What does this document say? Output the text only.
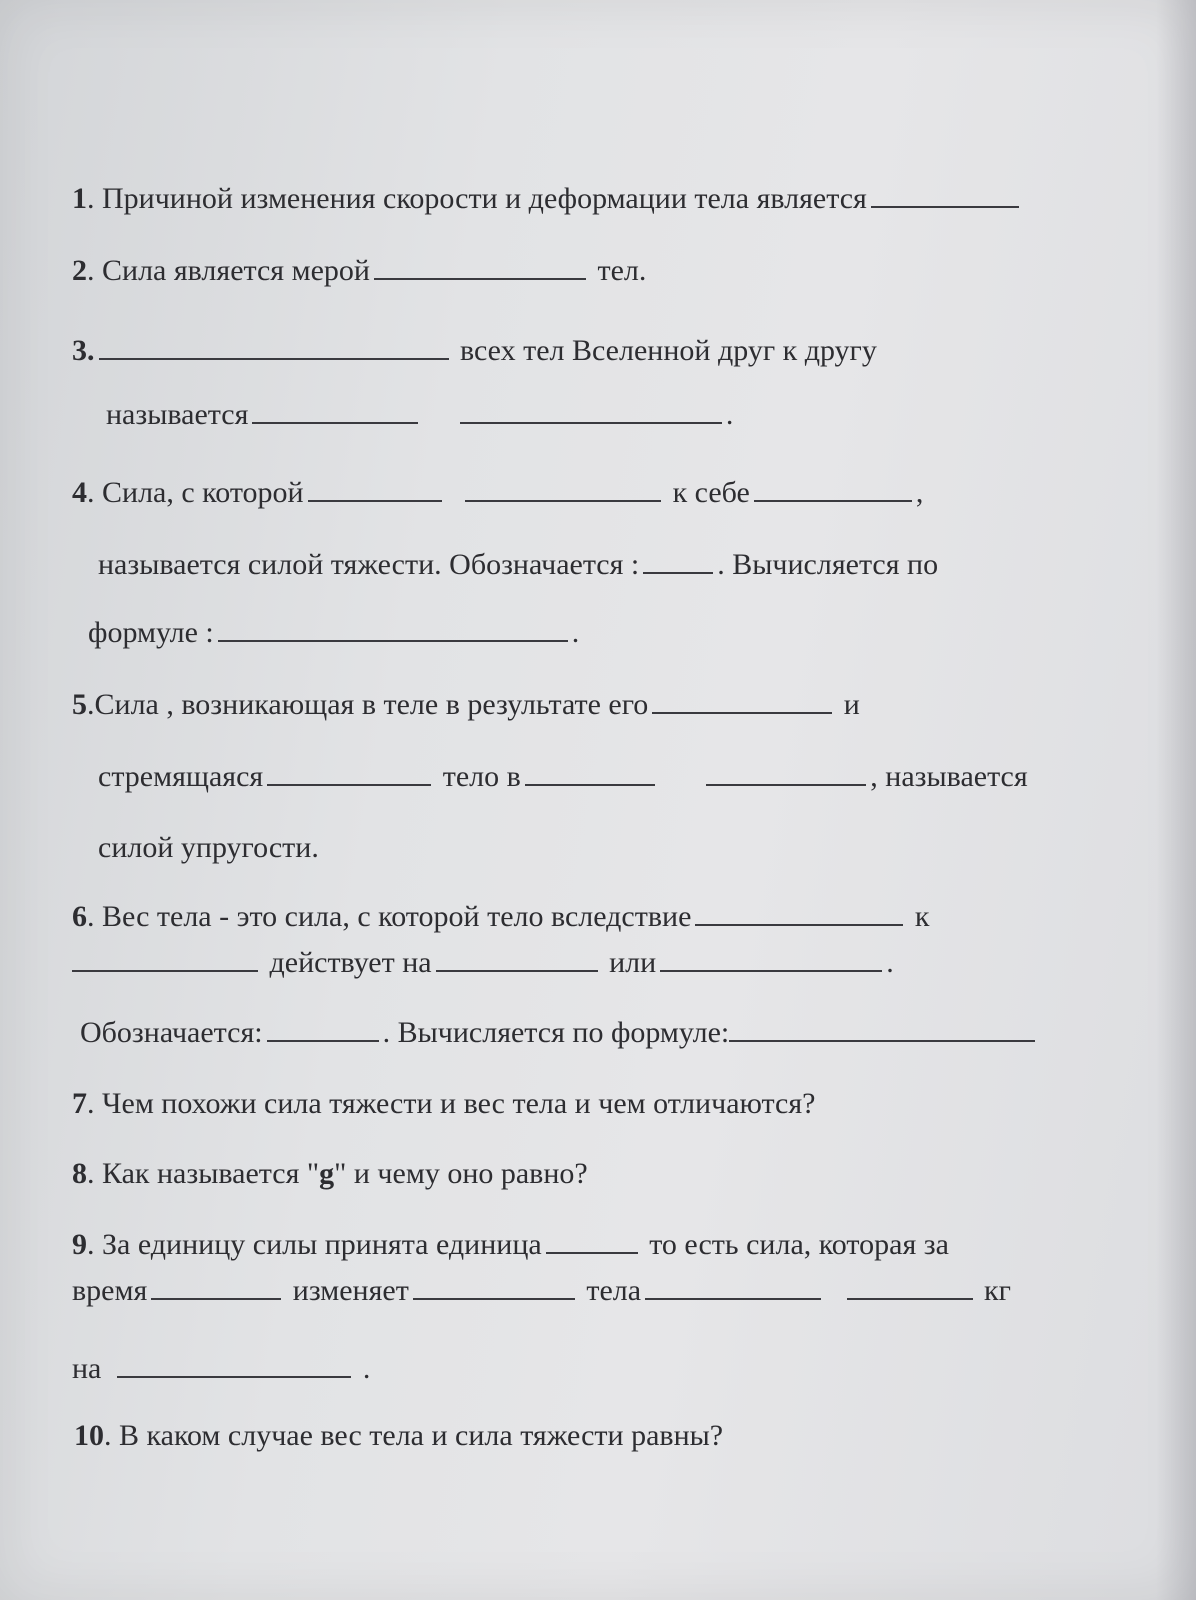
1. Причиной изменения скорости и деформации тела является
2. Сила является мерой	тел.
3.	всех тел Вселенной друг к другу
называется	.
4. Сила, с которой	к себе	,
называется силой тяжести. Обозначается :	. Вычисляется по
формуле :	.
5.Сила , возникающая в теле в результате его	и
стремящаяся	тело в	, называется
силой упругости.
6. Вес тела - это сила, с которой тело вследствие	к
действует на	или	.
Обозначается:	. Вычисляется по формуле:
7. Чем похожи сила тяжести и вес тела и чем отличаются?
8. Как называется "g" и чему оно равно?
9. За единицу силы принята единица	то есть сила, которая за
время	изменяет	тела	кг
на	.
10. В каком случае вес тела и сила тяжести равны?
